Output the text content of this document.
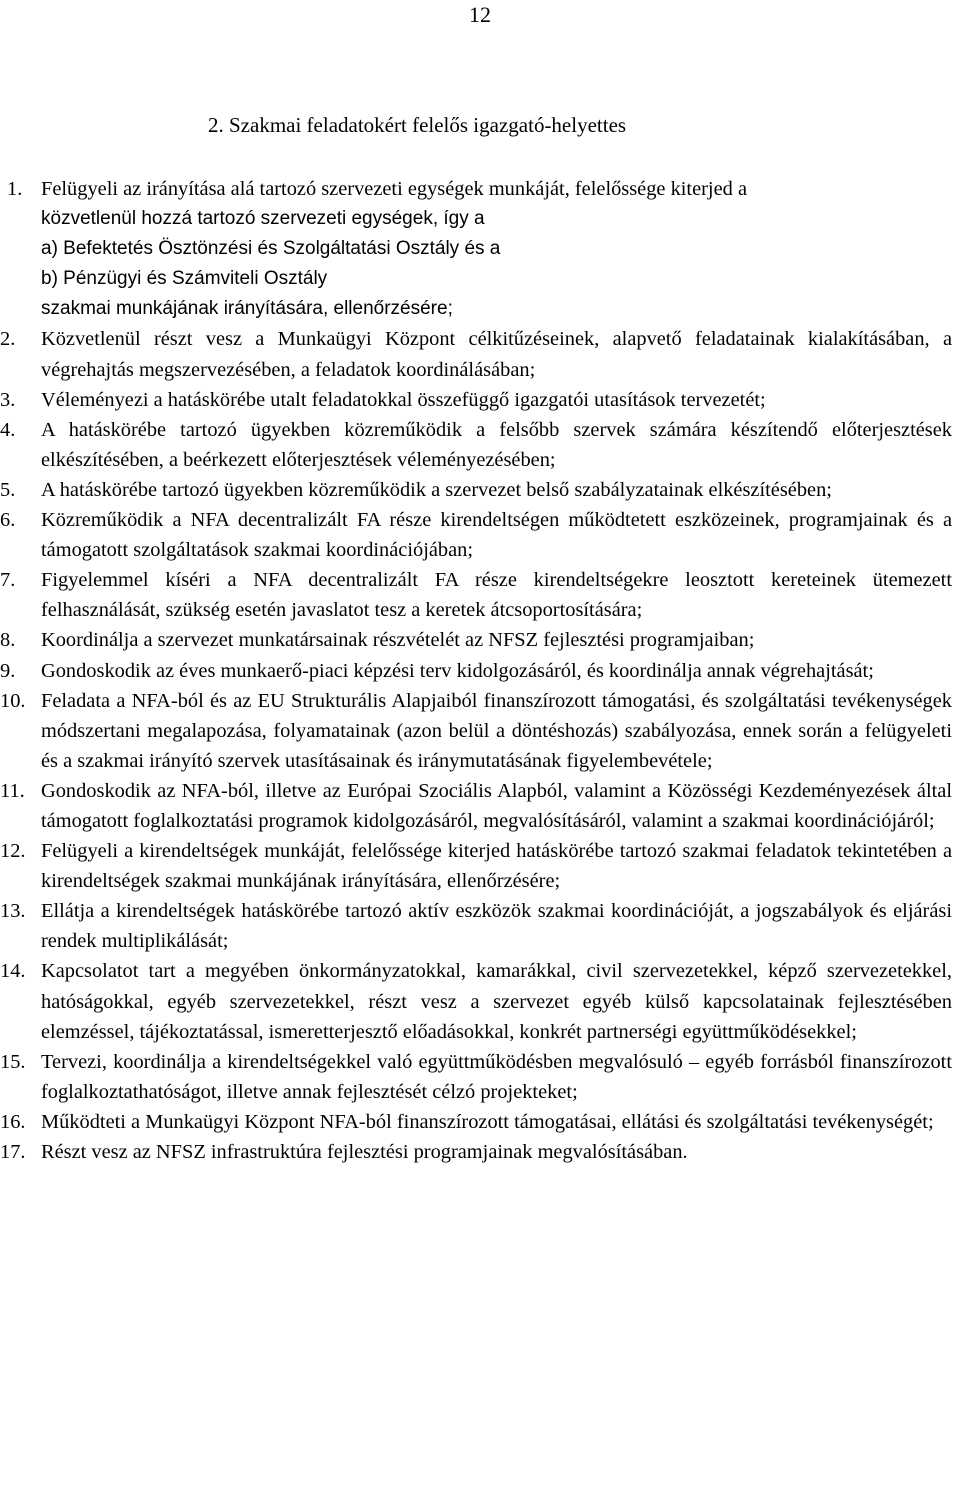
12
2. Szakmai feladatokért felelős igazgató-helyettes
1. Felügyeli az irányítása alá tartozó szervezeti egységek munkáját, felelőssége kiterjed a
közvetlenül hozzá tartozó szervezeti egységek, így a
a) Befektetés Ösztönzési és Szolgáltatási Osztály és a
b) Pénzügyi és Számviteli Osztály
szakmai munkájának irányítására, ellenőrzésére;
2.	Közvetlenül részt vesz a Munkaügyi Központ célkitűzéseinek, alapvető feladatainak kialakításában, a végrehajtás megszervezésében, a feladatok koordinálásában;
3.	Véleményezi a hatáskörébe utalt feladatokkal összefüggő igazgatói utasítások tervezetét;
4.	A hatáskörébe tartozó ügyekben közreműködik a felsőbb szervek számára készítendő előterjesztések elkészítésében, a beérkezett előterjesztések véleményezésében;
5.	A hatáskörébe tartozó ügyekben közreműködik a szervezet belső szabályzatainak elkészítésében;
6.	Közreműködik a NFA decentralizált FA része kirendeltségen működtetett eszközeinek, programjainak és a támogatott szolgáltatások szakmai koordinációjában;
7.	Figyelemmel kíséri a NFA decentralizált FA része kirendeltségekre leosztott kereteinek ütemezett felhasználását, szükség esetén javaslatot tesz a keretek átcsoportosítására;
8.	Koordinálja a szervezet munkatársainak részvételét az NFSZ fejlesztési programjaiban;
9.	Gondoskodik az éves munkaerő-piaci képzési terv kidolgozásáról, és koordinálja annak végrehajtását;
10. Feladata a NFA-ból és az EU Strukturális Alapjaiból finanszírozott támogatási, és szolgáltatási tevékenységek módszertani megalapozása, folyamatainak (azon belül a döntéshozás) szabályozása, ennek során a felügyeleti és a szakmai irányító szervek utasításainak és iránymutatásának figyelembevétele;
11. Gondoskodik az NFA-ból, illetve az Európai Szociális Alapból, valamint a Közösségi Kezdeményezések által támogatott foglalkoztatási programok kidolgozásáról, megvalósításáról, valamint a szakmai koordinációjáról;
12. Felügyeli a kirendeltségek munkáját, felelőssége kiterjed hatáskörébe tartozó szakmai feladatok tekintetében a kirendeltségek szakmai munkájának irányítására, ellenőrzésére;
13. Ellátja a kirendeltségek hatáskörébe tartozó aktív eszközök szakmai koordinációját, a jogszabályok és eljárási rendek multiplikálását;
14. Kapcsolatot tart a megyében önkormányzatokkal, kamarákkal, civil szervezetekkel, képző szervezetekkel, hatóságokkal, egyéb szervezetekkel, részt vesz a szervezet egyéb külső kapcsolatainak fejlesztésében elemzéssel, tájékoztatással, ismeretterjesztő előadásokkal, konkrét partnerségi együttműködésekkel;
15. Tervezi, koordinálja a kirendeltségekkel való együttműködésben megvalósuló – egyéb forrásból finanszírozott foglalkoztathatóságot, illetve annak fejlesztését célzó projekteket;
16. Működteti a Munkaügyi Központ NFA-ból finanszírozott támogatásai, ellátási és szolgáltatási tevékenységét;
17. Részt vesz az NFSZ infrastruktúra fejlesztési programjainak megvalósításában.
